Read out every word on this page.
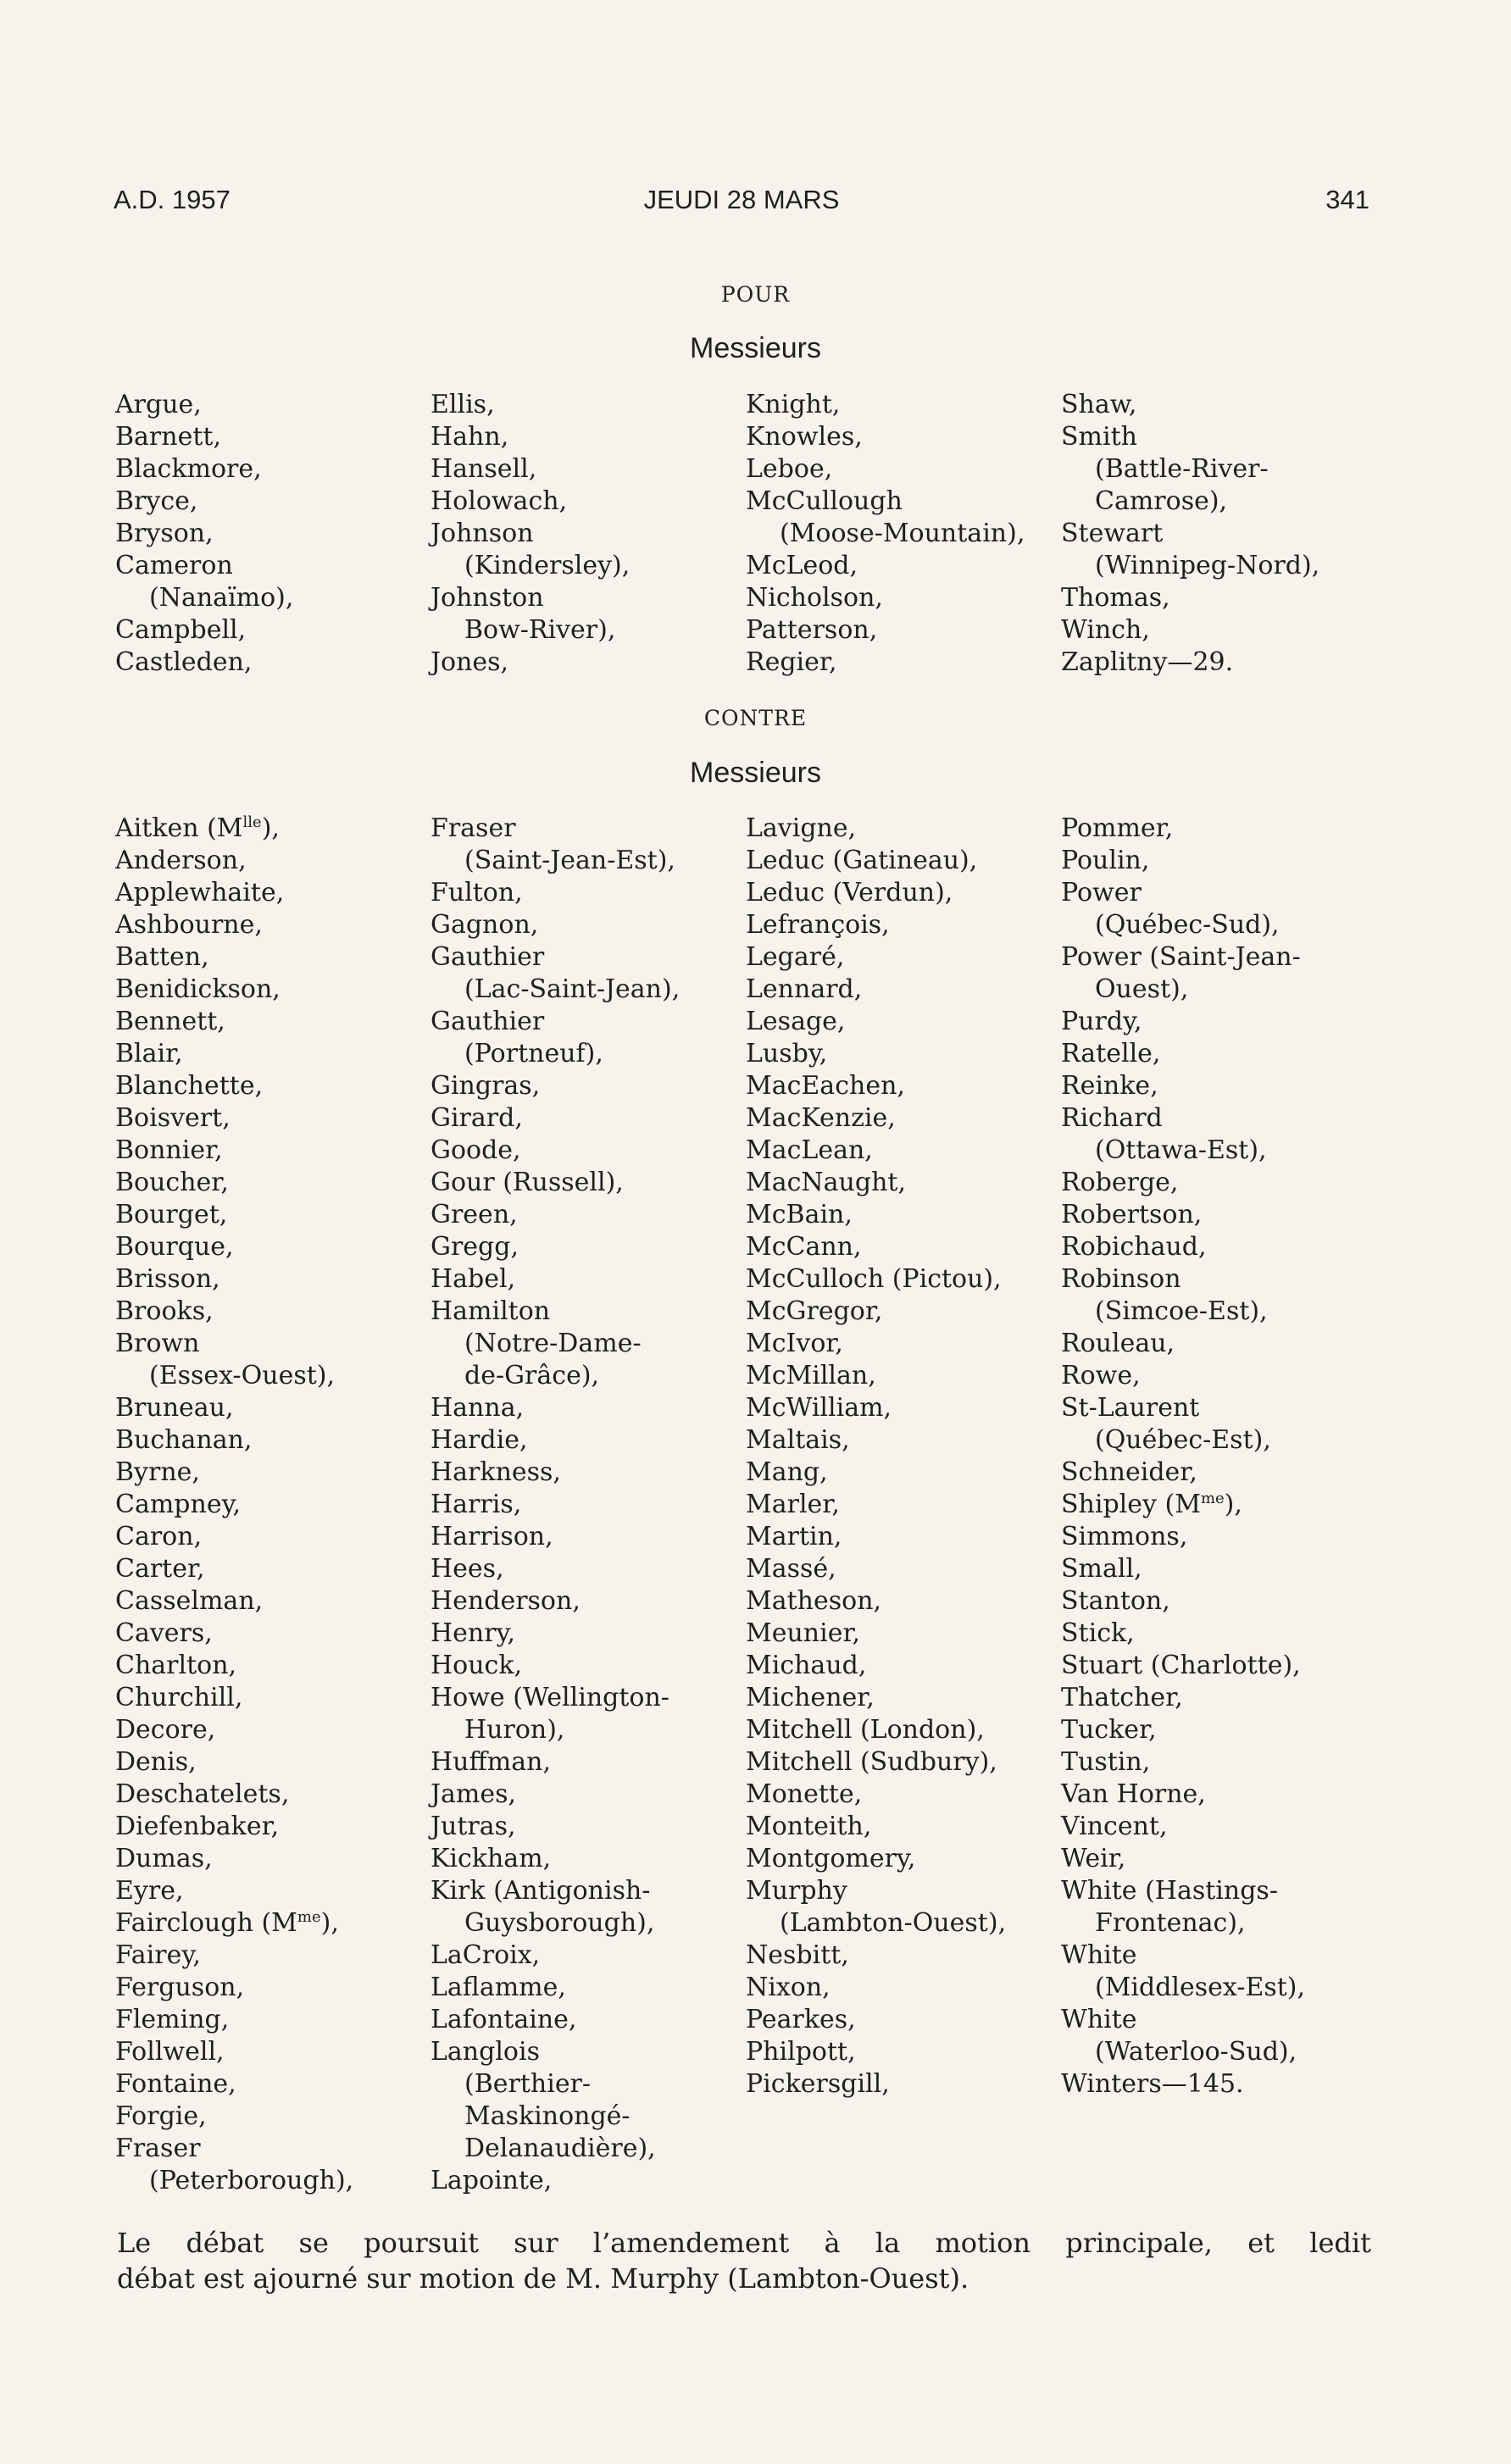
A.D. 1957	JEUDI 28 MARS	341
POUR
Messieurs
Argue,
Barnett,
Blackmore,
Bryce,
Bryson,
Cameron
(Nanaïmo),
Campbell,
Castleden,
Ellis,
Hahn,
Hansell,
Holowach,
Johnson
(Kindersley),
Johnston
Bow-River),
Jones,
Knight,
Knowles,
Leboe,
McCullough
(Moose-Mountain),
McLeod,
Nicholson,
Patterson,
Regier,
Shaw,
Smith
(Battle-River-
Camrose),
Stewart
(Winnipeg-Nord),
Thomas,
Winch,
Zaplitny—29.
CONTRE
Messieurs
Aitken $(M^{lle})$,
Anderson,
Applewhaite,
Ashbourne,
Batten,
Benidickson,
Bennett,
Blair,
Blanchette,
Boisvert,
Bonnier,
Boucher,
Bourget,
Bourque,
Brisson,
Brooks,
Brown
(Essex-Ouest),
Bruneau,
Buchanan,
Byrne,
Campney,
Caron,
Carter,
Casselman,
Cavers,
Charlton,
Churchill,
Decore,
Denis,
Deschatelets,
Diefenbaker,
Dumas,
Eyre,
Fairclough $(M^{me})$,
Fairey,
Ferguson,
Fleming,
Follwell,
Fontaine,
Forgie,
Fraser
(Peterborough),
Fraser
(Saint-Jean-Est),
Fulton,
Gagnon,
Gauthier
(Lac-Saint-Jean),
Gauthier
(Portneuf),
Gingras,
Girard,
Goode,
Gour (Russell),
Green,
Gregg,
Habel,
Hamilton
(Notre-Dame-
de-Grâce),
Hanna,
Hardie,
Harkness,
Harris,
Harrison,
Hees,
Henderson,
Henry,
Houck,
Howe (Wellington-
Huron),
Huffman,
James,
Jutras,
Kickham,
Kirk (Antigonish-
Guysborough),
LaCroix,
Laflamme,
Lafontaine,
Langlois
(Berthier-
Maskinongé-
Delanaudière),
Lapointe,
Lavigne,
Leduc (Gatineau),
Leduc (Verdun),
Lefrançois,
Legaré,
Lennard,
Lesage,
Lusby,
MacEachen,
MacKenzie,
MacLean,
MacNaught,
McBain,
McCann,
McCulloch (Pictou),
McGregor,
McIvor,
McMillan,
McWilliam,
Maltais,
Mang,
Marler,
Martin,
Massé,
Matheson,
Meunier,
Michaud,
Michener,
Mitchell (London),
Mitchell (Sudbury),
Monette,
Monteith,
Montgomery,
Murphy
(Lambton-Ouest),
Nesbitt,
Nixon,
Pearkes,
Philpott,
Pickersgill,
Pommer,
Poulin,
Power
(Québec-Sud),
Power (Saint-Jean-
Ouest),
Purdy,
Ratelle,
Reinke,
Richard
(Ottawa-Est),
Roberge,
Robertson,
Robichaud,
Robinson
(Simcoe-Est),
Rouleau,
Rowe,
St-Laurent
(Québec-Est),
Schneider,
Shipley $(M^{me})$,
Simmons,
Small,
Stanton,
Stick,
Stuart (Charlotte),
Thatcher,
Tucker,
Tustin,
Van Horne,
Vincent,
Weir,
White (Hastings-
Frontenac),
White
(Middlesex-Est),
White
(Waterloo-Sud),
Winters—145.
Le débat se poursuit sur l’amendement à la motion principale, et ledit
débat est ajourné sur motion de M. Murphy (Lambton-Ouest).
